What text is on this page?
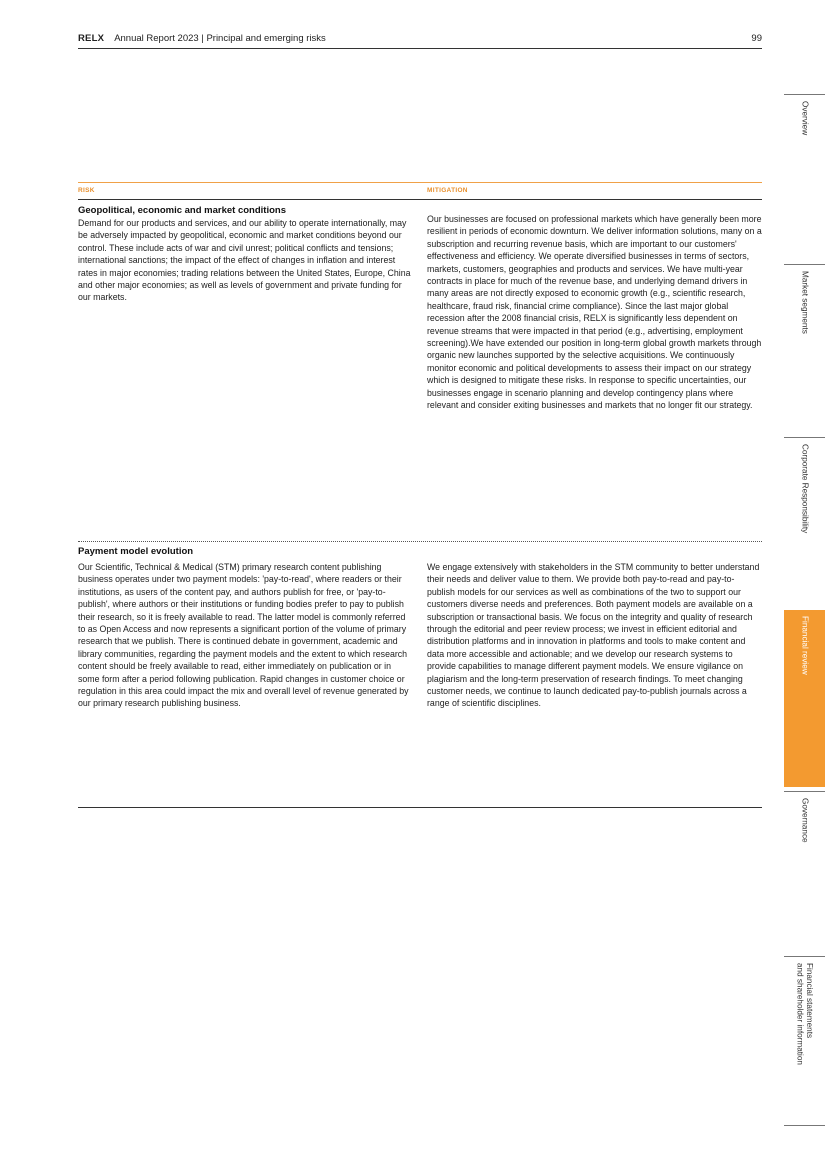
RELX Annual Report 2023 | Principal and emerging risks	99
RISK	MITIGATION
Geopolitical, economic and market conditions
Demand for our products and services, and our ability to operate internationally, may be adversely impacted by geopolitical, economic and market conditions beyond our control. These include acts of war and civil unrest; political conflicts and tensions; international sanctions; the impact of the effect of changes in inflation and interest rates in major economies; trading relations between the United States, Europe, China and other major economies; as well as levels of government and private funding for our markets.
Our businesses are focused on professional markets which have generally been more resilient in periods of economic downturn. We deliver information solutions, many on a subscription and recurring revenue basis, which are important to our customers' effectiveness and efficiency. We operate diversified businesses in terms of sectors, markets, customers, geographies and products and services. We have multi-year contracts in place for much of the revenue base, and underlying demand drivers in many areas are not directly exposed to economic growth (e.g., scientific research, healthcare, fraud risk, financial crime compliance). Since the last major global recession after the 2008 financial crisis, RELX is significantly less dependent on revenue streams that were impacted in that period (e.g., advertising, employment screening).We have extended our position in long-term global growth markets through organic new launches supported by the selective acquisitions. We continuously monitor economic and political developments to assess their impact on our strategy which is designed to mitigate these risks. In response to specific uncertainties, our businesses engage in scenario planning and develop contingency plans where relevant and consider exiting businesses and markets that no longer fit our strategy.
Payment model evolution
Our Scientific, Technical & Medical (STM) primary research content publishing business operates under two payment models: 'pay-to-read', where readers or their institutions, as users of the content pay, and authors publish for free, or 'pay-to-publish', where authors or their institutions or funding bodies prefer to pay to publish their research, so it is freely available to read. The latter model is commonly referred to as Open Access and now represents a significant portion of the volume of primary research that we publish. There is continued debate in government, academic and library communities, regarding the payment models and the extent to which research content should be freely available to read, either immediately on publication or in some form after a period following publication. Rapid changes in customer choice or regulation in this area could impact the mix and overall level of revenue generated by our primary research publishing business.
We engage extensively with stakeholders in the STM community to better understand their needs and deliver value to them. We provide both pay-to-read and pay-to-publish models for our services as well as combinations of the two to support our customers diverse needs and preferences. Both payment models are available on a subscription or transactional basis. We focus on the integrity and quality of research through the editorial and peer review process; we invest in efficient editorial and distribution platforms and in innovation in platforms and tools to make content and data more accessible and actionable; and we develop our research systems to provide capabilities to manage different payment models. We ensure vigilance on plagiarism and the long-term preservation of research findings. To meet changing customer needs, we continue to launch dedicated pay-to-publish journals across a range of scientific disciplines.
Overview
Market segments
Corporate Responsibility
Financial review
Governance
Financial statements
and shareholder information
